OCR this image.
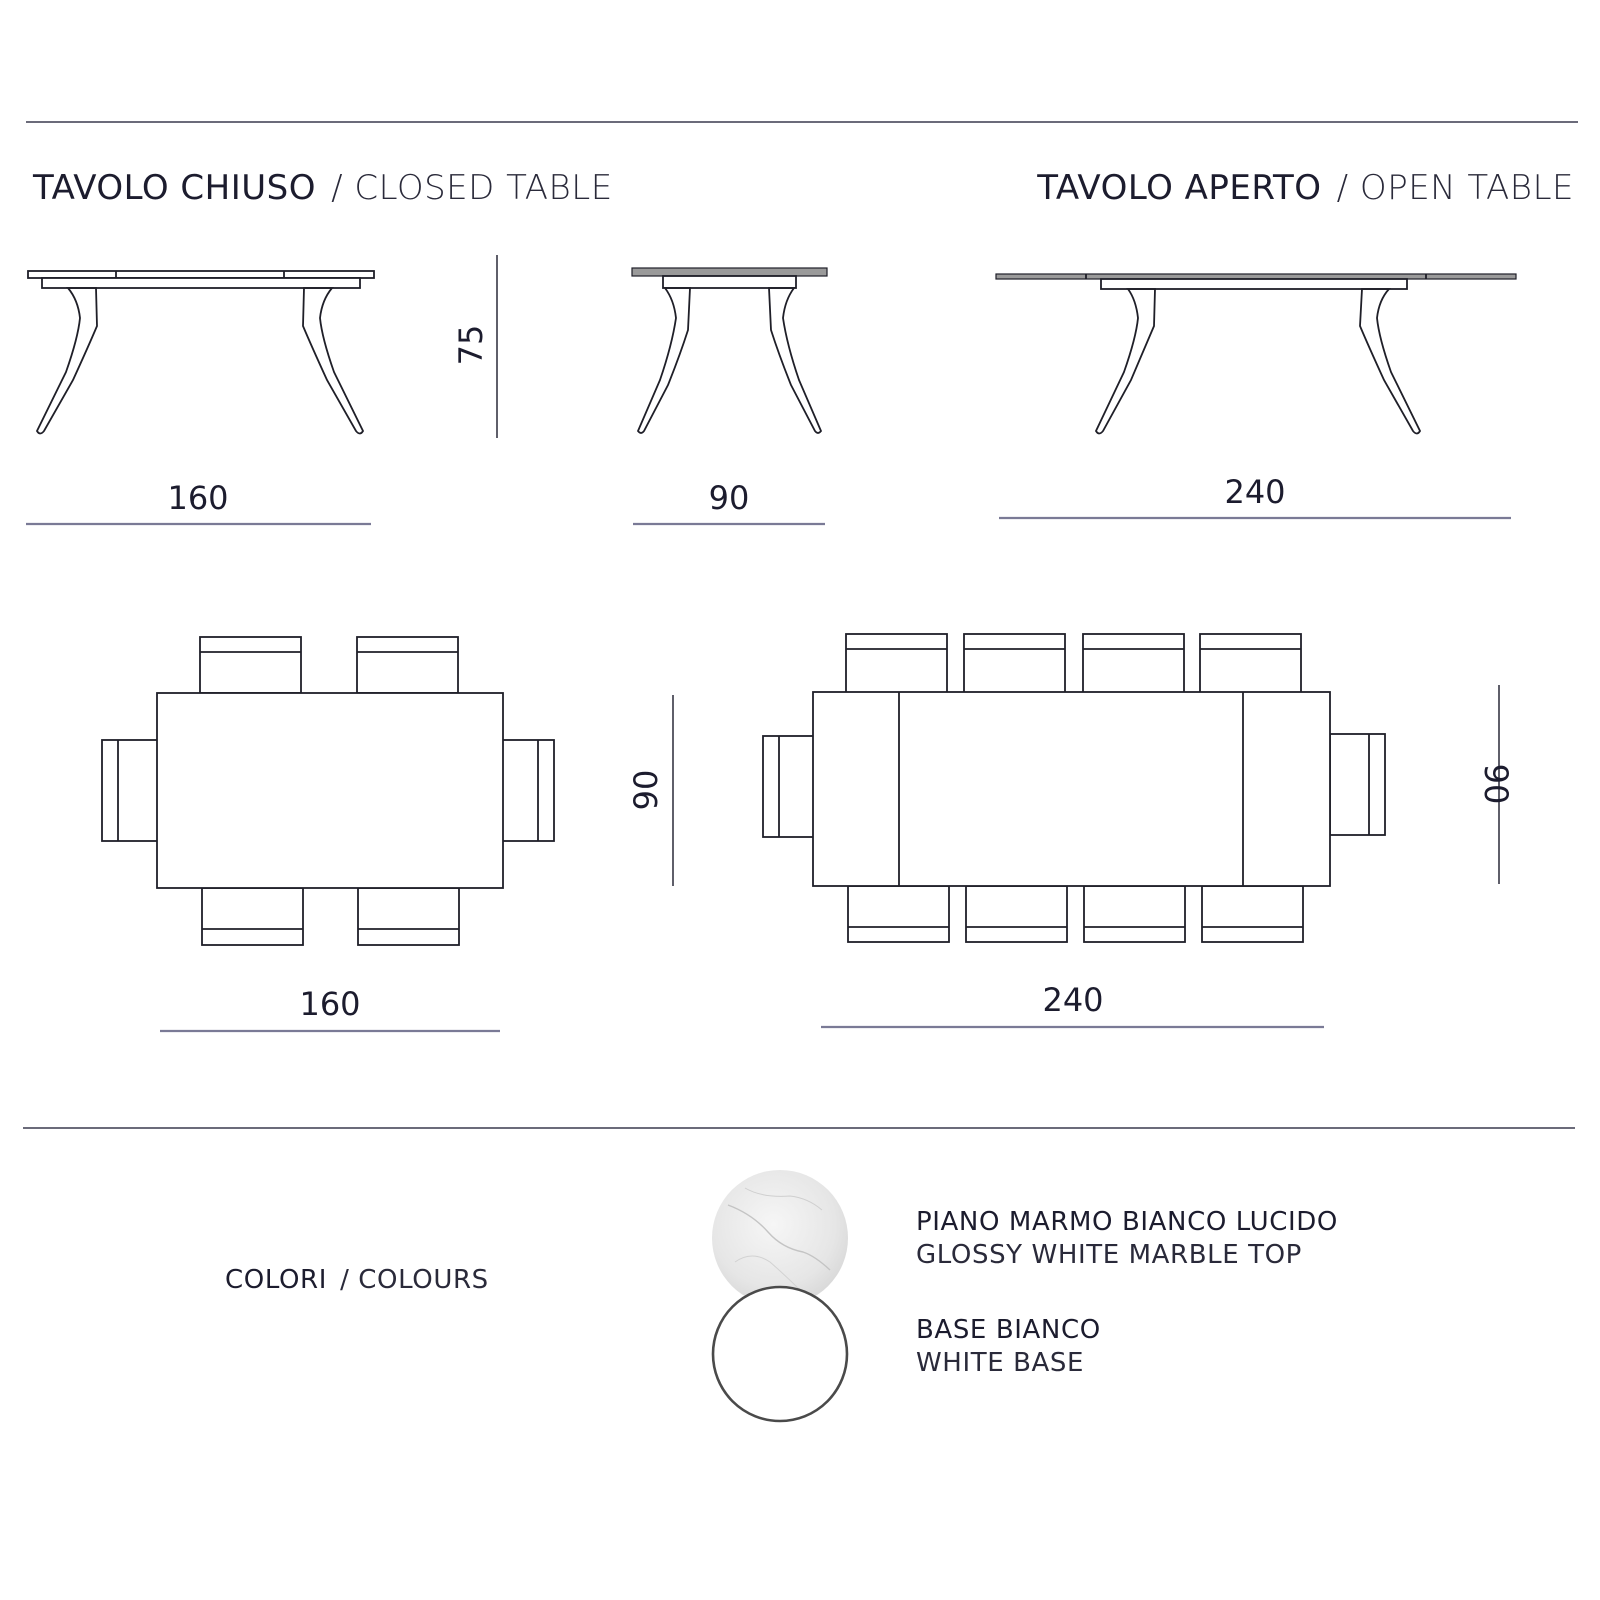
TAVOLO CHIUSO / CLOSED TABLE	TAVOLO APERTO / OPEN TABLE
75
160	90	240
90
160
90
240
COLORI / COLOURS
PIANO MARMO BIANCO LUCIDO
GLOSSY WHITE MARBLE TOP
BASE BIANCO
WHITE BASE
